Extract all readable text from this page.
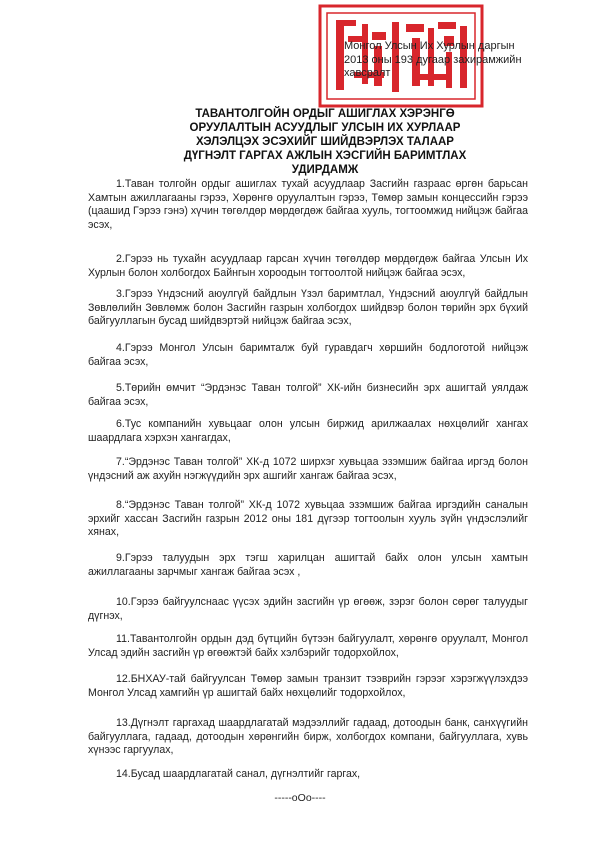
Монгол Улсын Их Хурлын даргын
2013 оны 193 дугаар захирамжийн
хавсралт
ТАВАНТОЛГОЙН ОРДЫГ АШИГЛАХ ХЭРЭНГӨ
ОРУУЛАЛТЫН АСУУДЛЫГ УЛСЫН ИХ ХУРЛААР
ХЭЛЭЛЦЭХ ЭСЭХИЙГ ШИЙДВЭРЛЭХ ТАЛААР
ДҮГНЭЛТ ГАРГАХ АЖЛЫН ХЭСГИЙН БАРИМТЛАХ
УДИРДАМЖ
1.Таван толгойн ордыг ашиглах тухай асуудлаар Засгийн газраас өргөн барьсан Хамтын ажиллагааны гэрээ, Хөрөнгө оруулалтын гэрээ, Төмөр замын концессийн гэрээ (цаашид Гэрээ гэнэ) хүчин төгөлдөр мөрдөгдөж байгаа хууль, тогтоомжид нийцэж байгаа эсэх,
2.Гэрээ нь тухайн асуудлаар гарсан хүчин төгөлдөр мөрдөгдөж байгаа Улсын Их Хурлын болон холбогдох Байнгын хороодын тогтоолтой нийцэж байгаа эсэх,
3.Гэрээ Үндэсний аюулгүй байдлын Үзэл баримтлал, Үндэсний аюулгүй байдлын Зөвлөлийн Зөвлөмж болон Засгийн газрын холбогдох шийдвэр болон төрийн эрх бүхий байгууллагын бусад шийдвэртэй нийцэж байгаа эсэх,
4.Гэрээ Монгол Улсын баримталж буй гуравдагч хөршийн бодлоготой нийцэж байгаа эсэх,
5.Төрийн өмчит “Эрдэнэс Таван толгой” ХК-ийн бизнесийн эрх ашигтай уялдаж байгаа эсэх,
6.Тус компанийн хувьцааг олон улсын биржид арилжаалах нөхцөлийг хангах шаардлага хэрхэн хангагдах,
7.“Эрдэнэс Таван толгой” ХК-д 1072 ширхэг хувьцаа эзэмшиж байгаа иргэд болон үндэсний аж ахуйн нэгжүүдийн эрх ашгийг хангаж байгаа эсэх,
8.“Эрдэнэс Таван толгой” ХК-д 1072 хувьцаа эзэмшиж байгаа иргэдийн саналын эрхийг хассан Засгийн газрын 2012 оны 181 дүгээр тогтоолын хууль зүйн үндэслэлийг хянах,
9.Гэрээ талуудын эрх тэгш харилцан ашигтай байх олон улсын хамтын ажиллагааны зарчмыг хангаж байгаа эсэх ,
10.Гэрээ байгуулснаас үүсэх эдийн засгийн үр өгөөж, зэрэг болон сөрөг талуудыг дүгнэх,
11.Тавантолгойн ордын дэд бүтцийн бүтээн байгуулалт, хөрөнгө оруулалт, Монгол Улсад эдийн засгийн үр өгөөжтэй байх хэлбэрийг тодорхойлох,
12.БНХАУ-тай байгуулсан Төмөр замын транзит тээврийн гэрээг хэрэгжүүлэхдээ Монгол Улсад хамгийн үр ашигтай байх нөхцөлийг тодорхойлох,
13.Дүгнэлт гаргахад шаардлагатай мэдээллийг гадаад, дотоодын банк, санхүүгийн байгууллага, гадаад, дотоодын хөрөнгийн бирж, холбогдох компани, байгууллага, хувь хүнээс гаргуулах,
14.Бусад шаардлагатай санал, дүгнэлтийг гаргах,
-----oOo----
